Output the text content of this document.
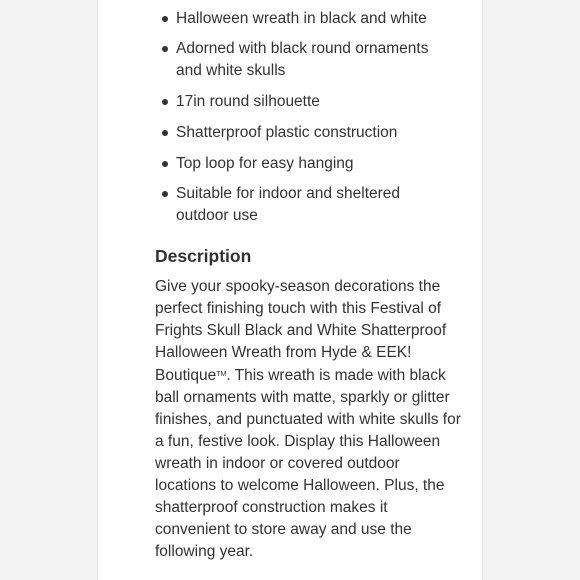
Halloween wreath in black and white
Adorned with black round ornaments
and white skulls
17in round silhouette
Shatterproof plastic construction
Top loop for easy hanging
Suitable for indoor and sheltered
outdoor use
Description
Give your spooky-season decorations the
perfect finishing touch with this Festival of
Frights Skull Black and White Shatterproof
Halloween Wreath from Hyde & EEK!
Boutique™. This wreath is made with black
ball ornaments with matte, sparkly or glitter
finishes, and punctuated with white skulls for
a fun, festive look. Display this Halloween
wreath in indoor or covered outdoor
locations to welcome Halloween. Plus, the
shatterproof construction makes it
convenient to store away and use the
following year.
